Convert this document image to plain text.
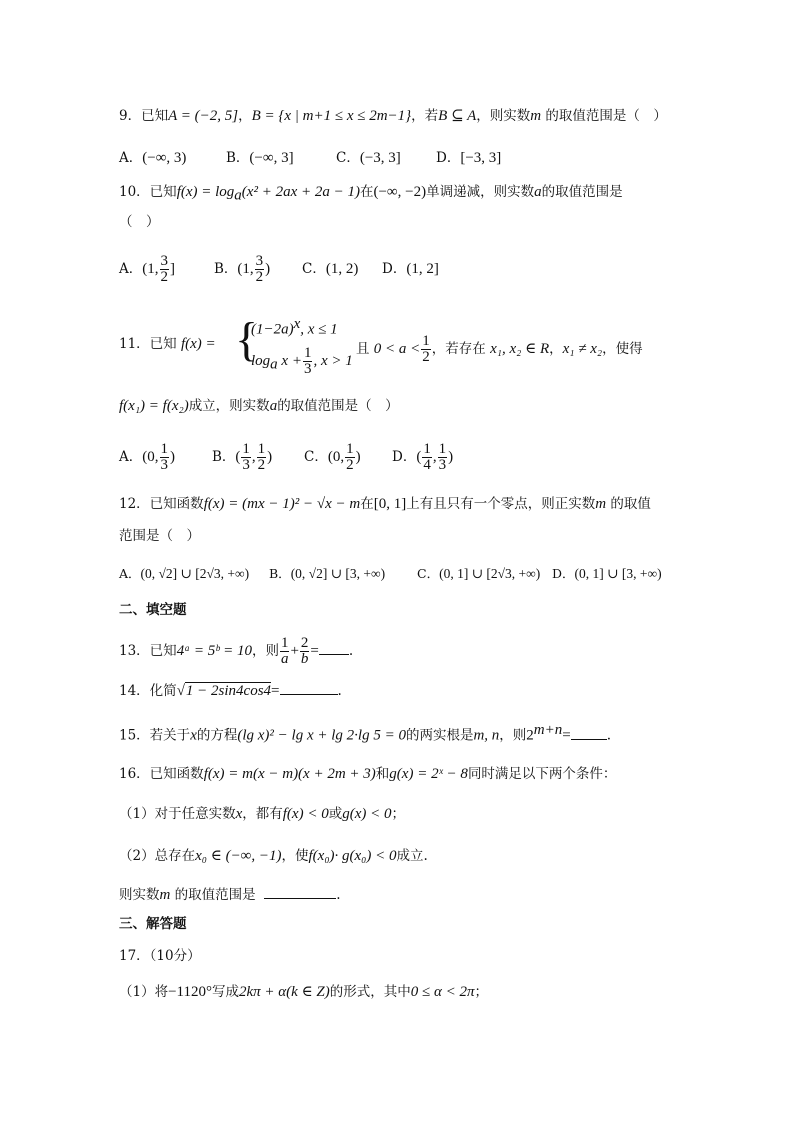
9．已知A = (−2, 5]，B = {x | m+1 ≤ x ≤ 2m−1}，若B ⊆ A，则实数m 的取值范围是（　）
A．(−∞, 3)	B．(−∞, 3]	C．(−3, 3]	D．[−3, 3]
10．已知$f(x) = \log_a(x^2 + 2ax + 2a - 1)$在(−∞, −2)单调递减，则实数a的取值范围是
（　）
A．(1, $\frac{3}{2}$ ]	B．(1, $\frac{3}{2}$ ) C．(1, 2) D．(1, 2]
11．已知 f(x) = {
$(1-2a)^x$, x ≤ 1
$\log_a x + \frac{1}{3}$ , x > 1
且 $0 < a < \frac{1}{2}$ ，若存在 x₁, x₂ ∈ R，x₁ ≠ x₂，使得
f(x₁) = f(x₂)成立，则实数a的取值范围是（　）
A．(0, $\frac{1}{3}$ )	B．( $\frac{1}{3}$ , $\frac{1}{2}$ ) C．(0, $\frac{1}{2}$ ) D．( $\frac{1}{4}$ , $\frac{1}{3}$ )
12．已知函数f(x) = (mx − 1)² − √x − m在[0, 1]上有且只有一个零点，则正实数m 的取值
范围是（　）
A．(0, √2] ∪ [2√3, +∞) B．(0, √2] ∪ [3, +∞)	C．(0, 1] ∪ [2√3, +∞) D．(0, 1] ∪ [3, +∞)
二、填空题
13．已知4ᵃ = 5ᵇ = 10，则 $\frac{1}{a} + \frac{2}{b}$ = .
14．化简√1 − 2sin4cos4=	.
15．若关于x的方程(lg x)² − lg x + lg 2·lg 5 = 0的两实根是m, n，则$2^{m+n}=$	.
16．已知函数f(x) = m(x − m)(x + 2m + 3)和g(x) = 2ˣ − 8同时满足以下两个条件：
（1）对于任意实数x，都有f(x) < 0或g(x) < 0；
（2）总存在x₀ ∈ (−∞, −1)，使f(x₀)· g(x₀) < 0成立.
则实数m 的取值范围是	.
三、解答题
17．（10分）
（1）将−1120°写成2kπ + α(k ∈ Z)的形式，其中0 ≤ α < 2π；
